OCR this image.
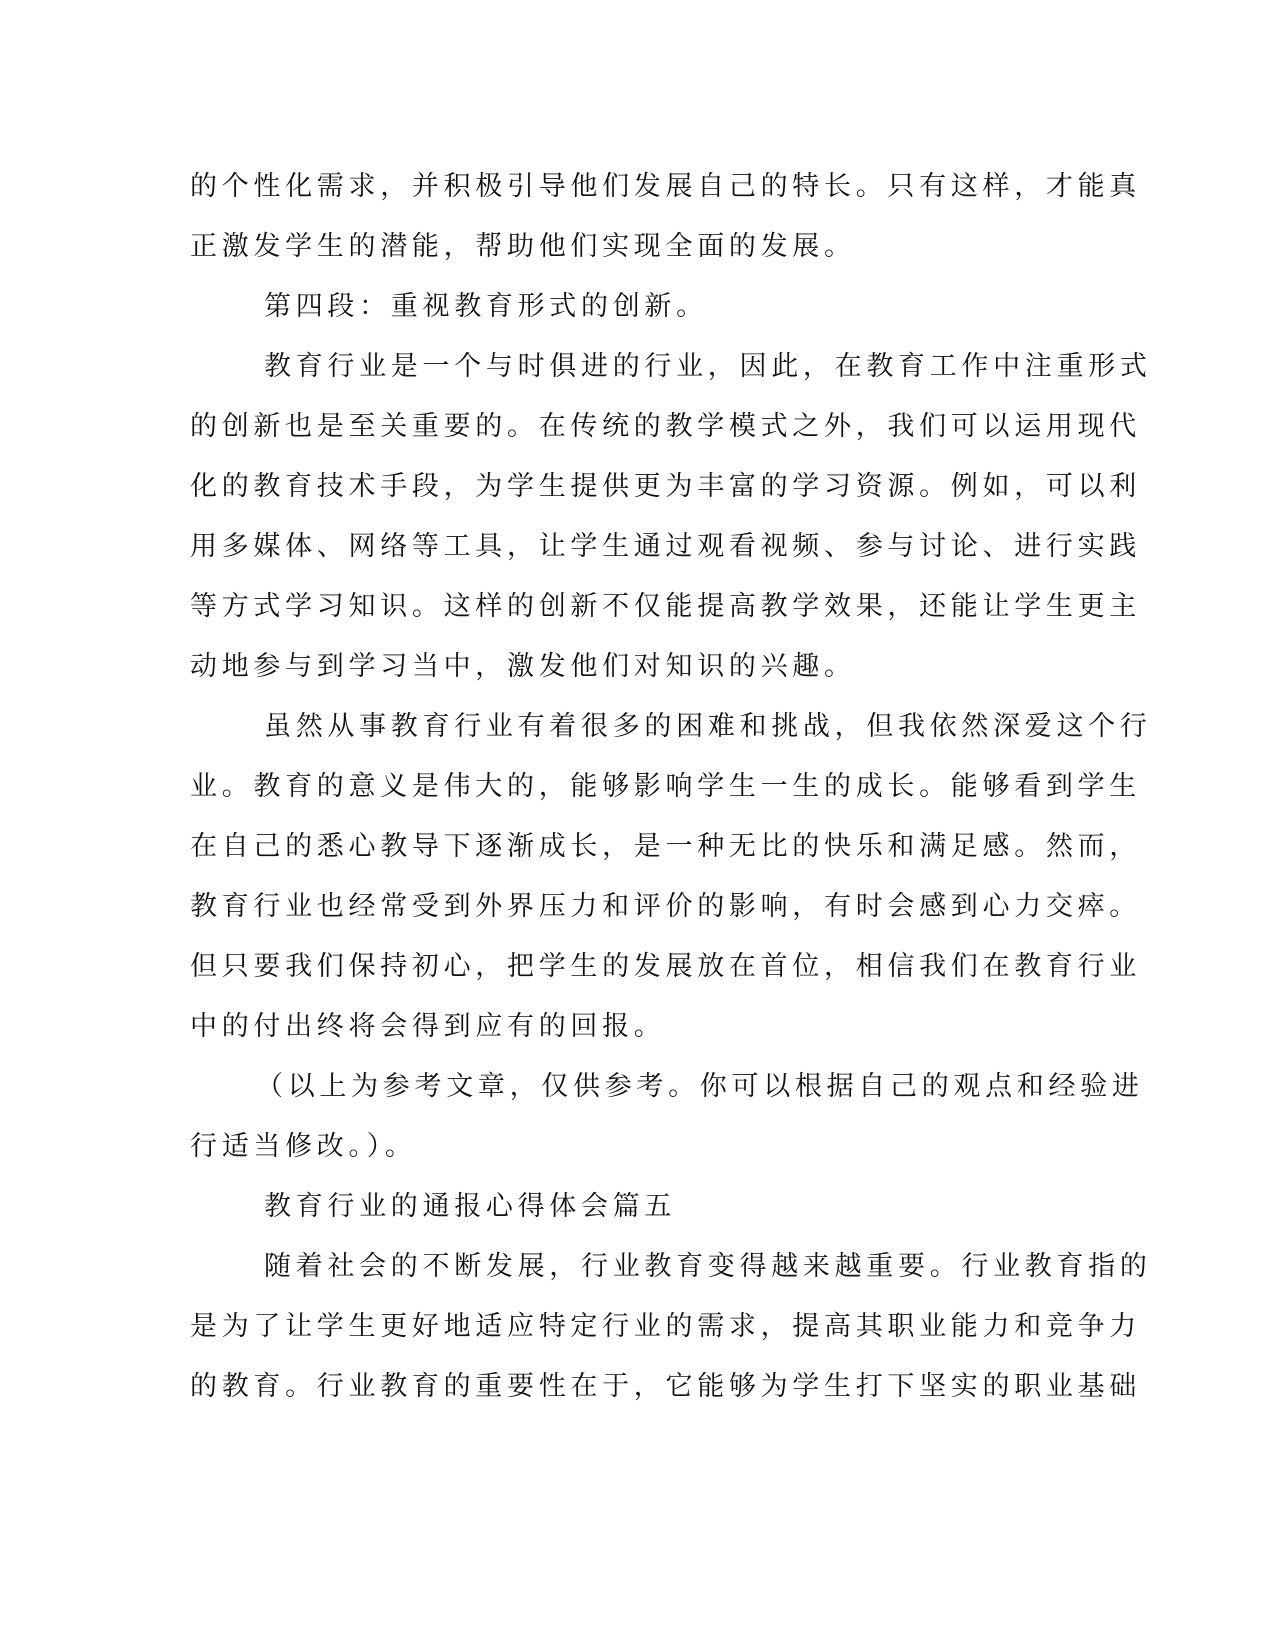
的个性化需求，并积极引导他们发展自己的特长。只有这样，才能真
正激发学生的潜能，帮助他们实现全面的发展。
第四段：重视教育形式的创新。
教育行业是一个与时俱进的行业，因此，在教育工作中注重形式
的创新也是至关重要的。在传统的教学模式之外，我们可以运用现代
化的教育技术手段，为学生提供更为丰富的学习资源。例如，可以利
用多媒体、网络等工具，让学生通过观看视频、参与讨论、进行实践
等方式学习知识。这样的创新不仅能提高教学效果，还能让学生更主
动地参与到学习当中，激发他们对知识的兴趣。
虽然从事教育行业有着很多的困难和挑战，但我依然深爱这个行
业。教育的意义是伟大的，能够影响学生一生的成长。能够看到学生
在自己的悉心教导下逐渐成长，是一种无比的快乐和满足感。然而，
教育行业也经常受到外界压力和评价的影响，有时会感到心力交瘁。
但只要我们保持初心，把学生的发展放在首位，相信我们在教育行业
中的付出终将会得到应有的回报。
（以上为参考文章，仅供参考。你可以根据自己的观点和经验进
行适当修改。）。
教育行业的通报心得体会篇五
随着社会的不断发展，行业教育变得越来越重要。行业教育指的
是为了让学生更好地适应特定行业的需求，提高其职业能力和竞争力
的教育。行业教育的重要性在于，它能够为学生打下坚实的职业基础
